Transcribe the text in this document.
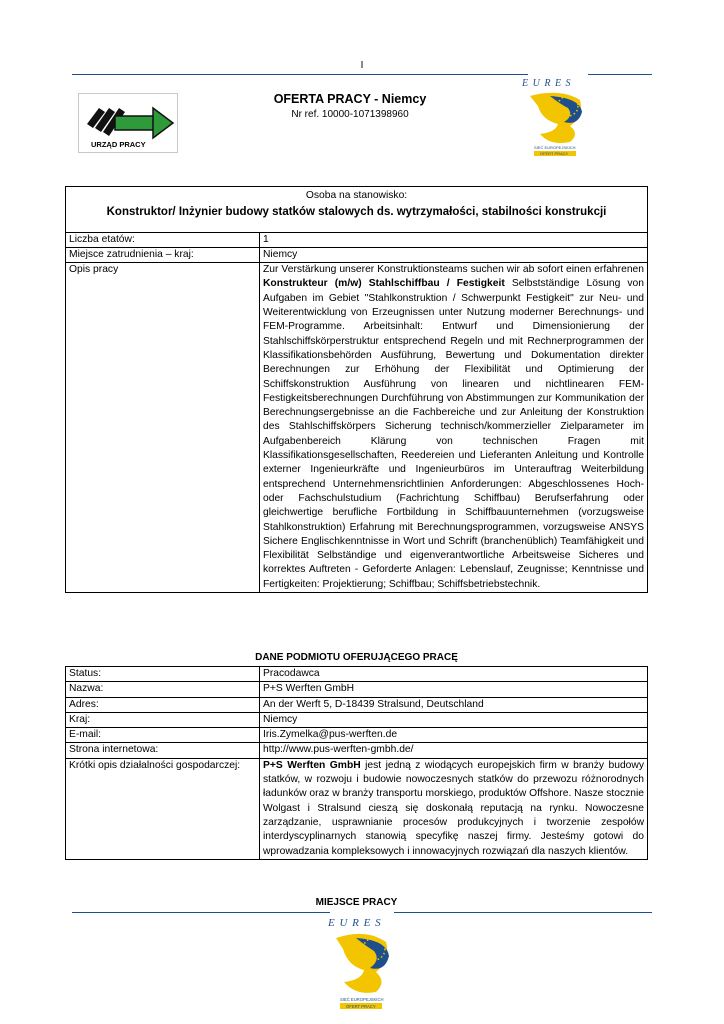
I
URZĄD PRACY
OFERTA PRACY - Niemcy
Nr ref. 10000-1071398960
E U R E S
SIEĆ EUROPEJSKICH
OFERT PRACY
Osoba na stanowisko:
Konstruktor/ Inżynier budowy statków stalowych ds. wytrzymałości, stabilności konstrukcji	

Liczba etatów:	1
Miejsce zatrudnienia – kraj:	Niemcy
Opis pracy	Zur Verstärkung unserer Konstruktionsteams suchen wir ab sofort einen erfahrenen Konstrukteur (m/w) Stahlschiffbau / Festigkeit Selbstständige Lösung von Aufgaben im Gebiet "Stahlkonstruktion / Schwerpunkt Festigkeit" zur Neu- und Weiterentwicklung von Erzeugnissen unter Nutzung moderner Berechnungs- und FEM-Programme. Arbeitsinhalt: Entwurf und Dimensionierung der Stahlschiffskörperstruktur entsprechend Regeln und mit Rechnerprogrammen der Klassifikationsbehörden Ausführung, Bewertung und Dokumentation direkter Berechnungen zur Erhöhung der Flexibilität und Optimierung der Schiffskonstruktion Ausführung von linearen und nichtlinearen FEM-Festigkeitsberechnungen Durchführung von Abstimmungen zur Kommunikation der Berechnungsergebnisse an die Fachbereiche und zur Anleitung der Konstruktion des Stahlschiffskörpers Sicherung technisch/kommerzieller Zielparameter im Aufgabenbereich Klärung von technischen Fragen mit Klassifikationsgesellschaften, Reedereien und Lieferanten Anleitung und Kontrolle externer Ingenieurkräfte und Ingenieurbüros im Unterauftrag Weiterbildung entsprechend Unternehmensrichtlinien Anforderungen: Abgeschlossenes Hoch- oder Fachschulstudium (Fachrichtung Schiffbau) Berufserfahrung oder gleichwertige berufliche Fortbildung in Schiffbauunternehmen (vorzugsweise Stahlkonstruktion) Erfahrung mit Berechnungsprogrammen, vorzugsweise ANSYS Sichere Englischkenntnisse in Wort und Schrift (branchenüblich) Teamfähigkeit und Flexibilität Selbständige und eigenverantwortliche Arbeitsweise Sicheres und korrektes Auftreten - Geforderte Anlagen: Lebenslauf, Zeugnisse; Kenntnisse und Fertigkeiten: Projektierung; Schiffbau; Schiffsbetriebstechnik.
DANE PODMIOTU OFERUJĄCEGO PRACĘ
Status:	Pracodawca
Nazwa:	P+S Werften GmbH
Adres:	An der Werft 5, D-18439 Stralsund, Deutschland
Kraj:	Niemcy
E-mail:	Iris.Zymelka@pus-werften.de
Strona internetowa:	http://www.pus-werften-gmbh.de/
Krótki opis działalności gospodarczej:	P+S Werften GmbH jest jedną z wiodących europejskich firm w branży budowy statków, w rozwoju i budowie nowoczesnych statków do przewozu różnorodnych ładunków oraz w branży transportu morskiego, produktów Offshore. Nasze stocznie Wolgast i Stralsund cieszą się doskonałą reputacją na rynku. Nowoczesne zarządzanie, usprawnianie procesów produkcyjnych i tworzenie zespołów interdyscyplinarnych stanowią specyfikę naszej firmy. Jesteśmy gotowi do wprowadzania kompleksowych i innowacyjnych rozwiązań dla naszych klientów.
MIEJSCE PRACY
E U R E S
SIEĆ EUROPEJSKICH
OFERT PRACY
